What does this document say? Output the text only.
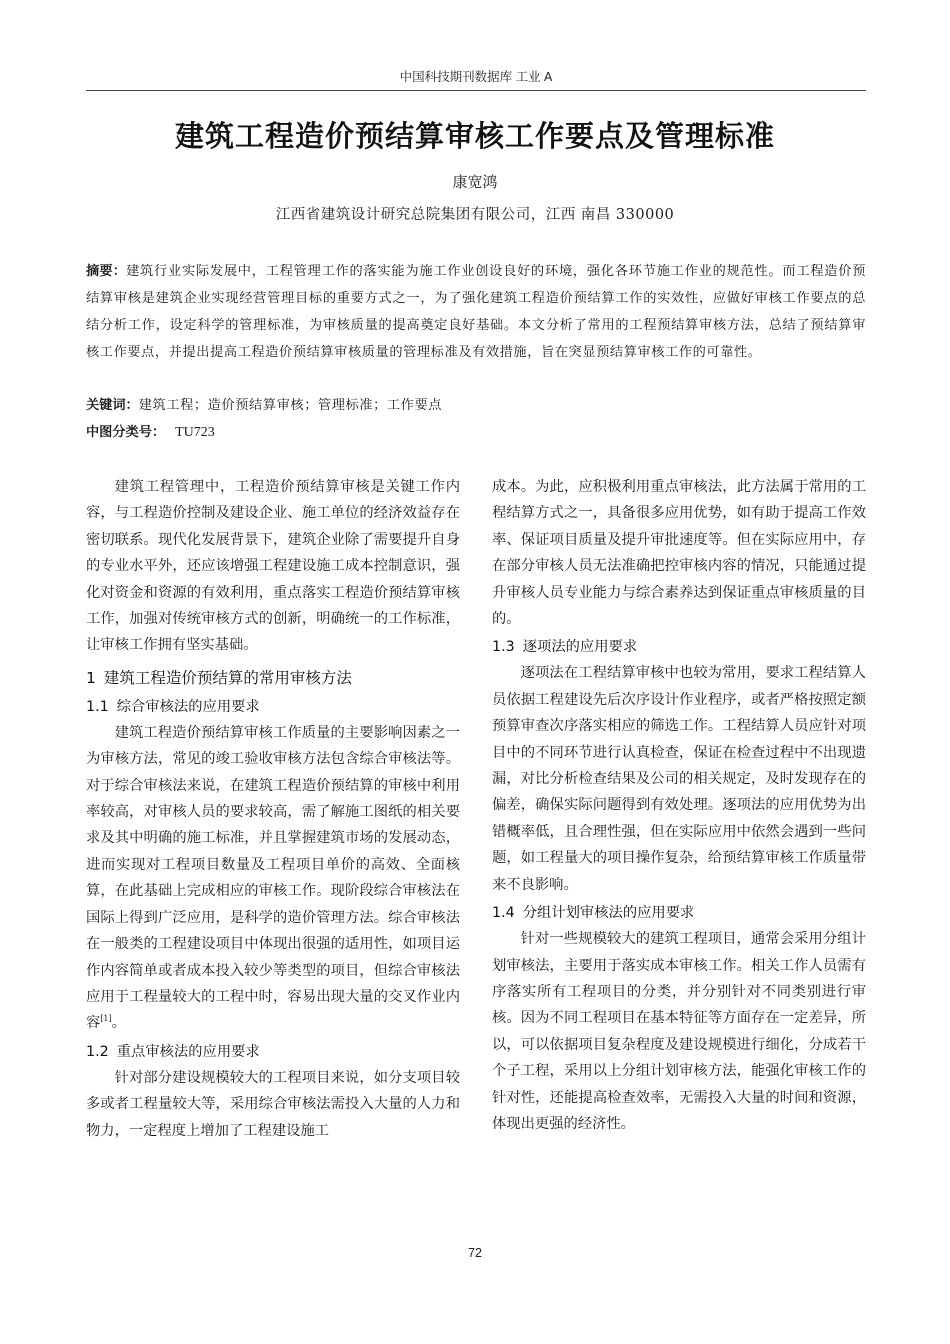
中国科技期刊数据库 工业 A
建筑工程造价预结算审核工作要点及管理标准
康宽鸿
江西省建筑设计研究总院集团有限公司，江西 南昌 330000
摘要：建筑行业实际发展中，工程管理工作的落实能为施工作业创设良好的环境，强化各环节施工作业的规范性。而工程造价预结算审核是建筑企业实现经营管理目标的重要方式之一，为了强化建筑工程造价预结算工作的实效性，应做好审核工作要点的总结分析工作，设定科学的管理标准，为审核质量的提高奠定良好基础。本文分析了常用的工程预结算审核方法，总结了预结算审核工作要点，并提出提高工程造价预结算审核质量的管理标准及有效措施，旨在突显预结算审核工作的可靠性。
关键词：建筑工程；造价预结算审核；管理标准；工作要点
中图分类号： TU723

建筑工程管理中，工程造价预结算审核是关键工作内容，与工程造价控制及建设企业、施工单位的经济效益存在密切联系。现代化发展背景下，建筑企业除了需要提升自身的专业水平外，还应该增强工程建设施工成本控制意识，强化对资金和资源的有效利用，重点落实工程造价预结算审核工作，加强对传统审核方式的创新，明确统一的工作标准，让审核工作拥有坚实基础。

1 建筑工程造价预结算的常用审核方法
1.1 综合审核法的应用要求

建筑工程造价预结算审核工作质量的主要影响因素之一为审核方法，常见的竣工验收审核方法包含综合审核法等。对于综合审核法来说，在建筑工程造价预结算的审核中利用率较高，对审核人员的要求较高，需了解施工图纸的相关要求及其中明确的施工标准，并且掌握建筑市场的发展动态，进而实现对工程项目数量及工程项目单价的高效、全面核算，在此基础上完成相应的审核工作。现阶段综合审核法在国际上得到广泛应用，是科学的造价管理方法。综合审核法在一般类的工程建设项目中体现出很强的适用性，如项目运作内容简单或者成本投入较少等类型的项目，但综合审核法应用于工程量较大的工程中时，容易出现大量的交叉作业内容[1]。

1.2 重点审核法的应用要求

针对部分建设规模较大的工程项目来说，如分支项目较多或者工程量较大等，采用综合审核法需投入大量的人力和物力，一定程度上增加了工程建设施工

成本。为此，应积极利用重点审核法，此方法属于常用的工程结算方式之一，具备很多应用优势，如有助于提高工作效率、保证项目质量及提升审批速度等。但在实际应用中，存在部分审核人员无法准确把控审核内容的情况，只能通过提升审核人员专业能力与综合素养达到保证重点审核质量的目的。

1.3 逐项法的应用要求

逐项法在工程结算审核中也较为常用，要求工程结算人员依据工程建设先后次序设计作业程序，或者严格按照定额预算审查次序落实相应的筛选工作。工程结算人员应针对项目中的不同环节进行认真检查，保证在检查过程中不出现遗漏，对比分析检查结果及公司的相关规定，及时发现存在的偏差，确保实际问题得到有效处理。逐项法的应用优势为出错概率低，且合理性强，但在实际应用中依然会遇到一些问题，如工程量大的项目操作复杂，给预结算审核工作质量带来不良影响。

1.4 分组计划审核法的应用要求

针对一些规模较大的建筑工程项目，通常会采用分组计划审核法，主要用于落实成本审核工作。相关工作人员需有序落实所有工程项目的分类，并分别针对不同类别进行审核。因为不同工程项目在基本特征等方面存在一定差异，所以，可以依据项目复杂程度及建设规模进行细化，分成若干个子工程，采用以上分组计划审核方法，能强化审核工作的针对性，还能提高检查效率，无需投入大量的时间和资源，体现出更强的经济性。

72
